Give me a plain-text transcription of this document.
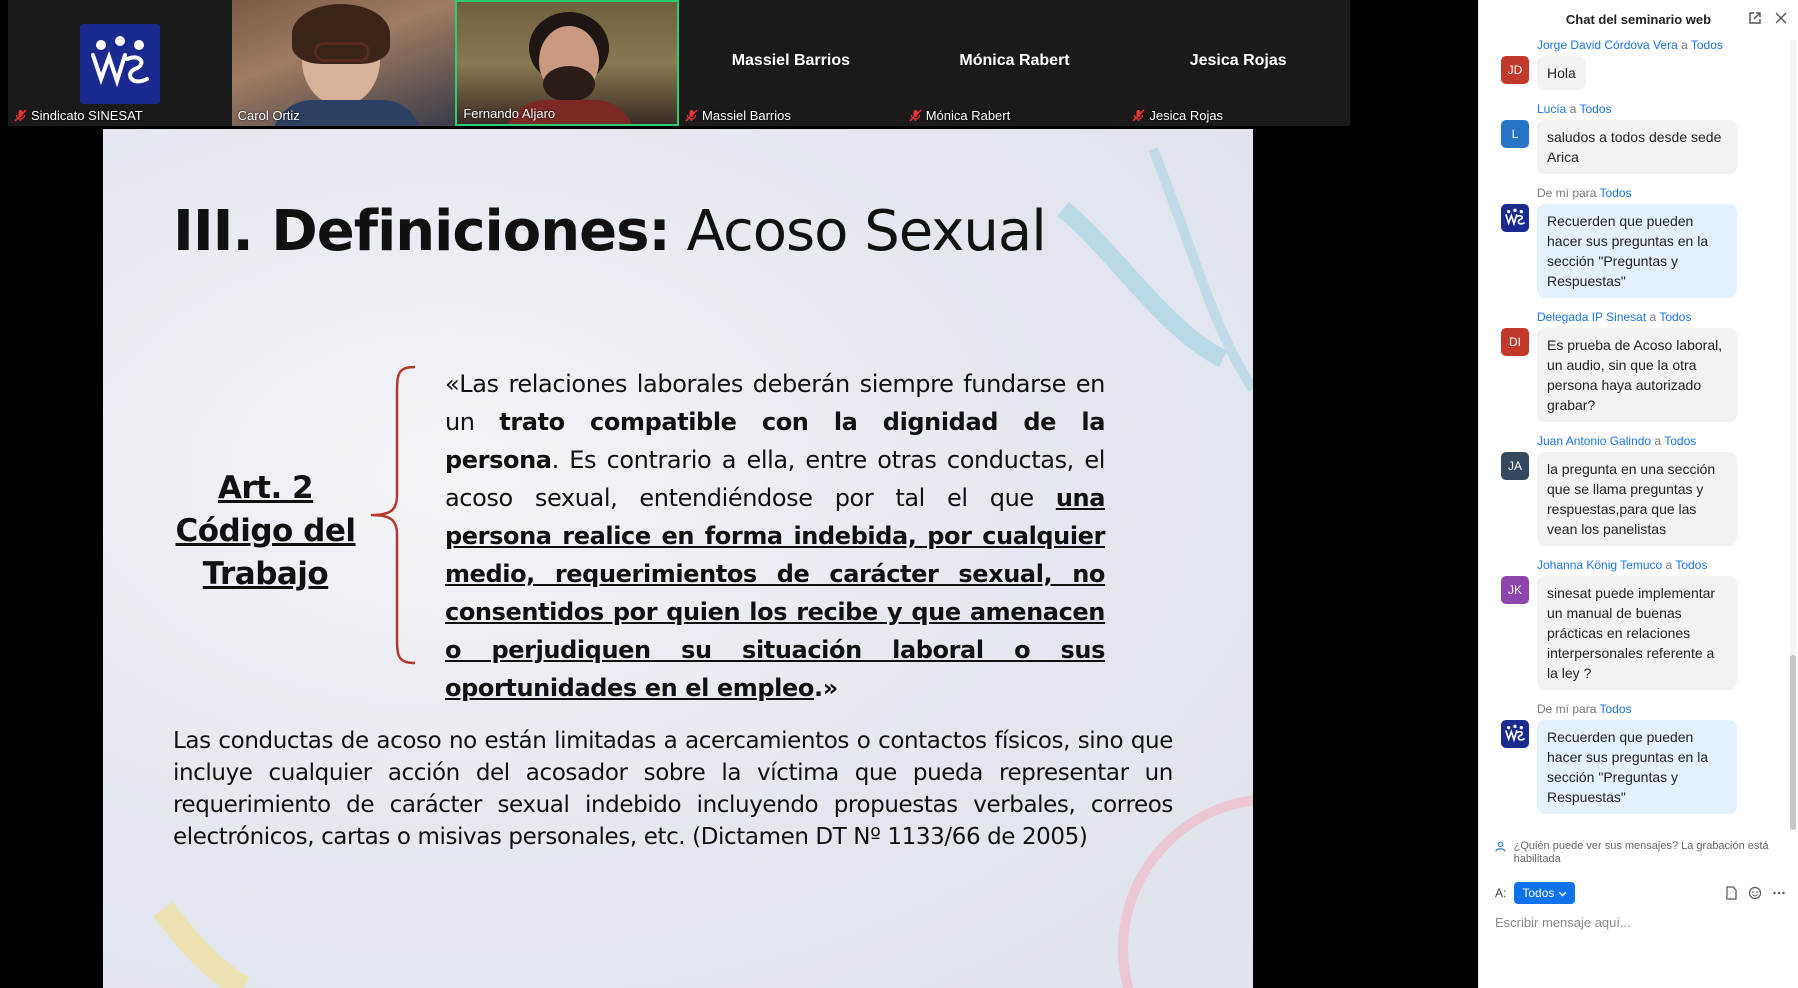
Sindicato SINESAT	Carol Ortiz	Fernando Aljaro
Massiel Barrios
Massiel Barrios
Mónica Rabert
Mónica Rabert
Jesica Rojas
Jesica Rojas
III. Definiciones: Acoso Sexual
Art. 2
Código del
Trabajo
«Las relaciones laborales deberán siempre fundarse en un trato compatible con la dignidad de la persona. Es contrario a ella, entre otras conductas, el acoso sexual, entendiéndose por tal el que una persona realice en forma indebida, por cualquier medio, requerimientos de carácter sexual, no consentidos por quien los recibe y que amenacen o perjudiquen su situación laboral o sus oportunidades en el empleo.»
Las conductas de acoso no están limitadas a acercamientos o contactos físicos, sino que incluye cualquier acción del acosador sobre la víctima que pueda representar un requerimiento de carácter sexual indebido incluyendo propuestas verbales, correos electrónicos, cartas o misivas personales, etc. (Dictamen DT Nº 1133/66 de 2005)
Chat del seminario web
JD
Jorge David Córdova Vera a Todos
Hola
L
Lucía a Todos
saludos a todos desde sede Arica
De mí para Todos
Recuerden que pueden hacer sus preguntas en la sección "Preguntas y Respuestas"
DI
Delegada IP Sinesat a Todos
Es prueba de Acoso laboral, un audio, sin que la otra persona haya autorizado grabar?
JA
Juan Antonio Galindo a Todos
la pregunta en una sección que se llama preguntas y respuestas,para que las vean los panelistas
JK
Johanna König Temuco a Todos
sinesat puede implementar un manual de buenas prácticas en relaciones interpersonales referente a la ley ?
De mí para Todos
Recuerden que pueden hacer sus preguntas en la sección "Preguntas y Respuestas"
¿Quién puede ver sus mensajes? La grabación está habilitada
A: Todos
Escribir mensaje aquí...
